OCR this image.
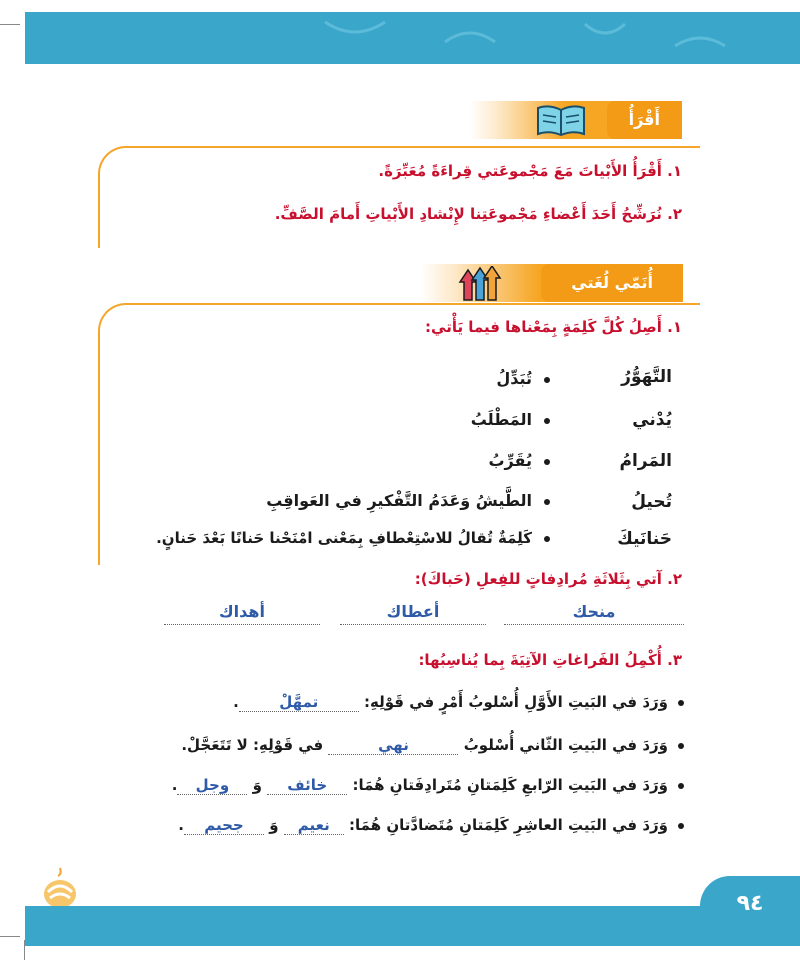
أَقْرَأُ
١. أَقْرَأُ الأَبْياتَ مَعَ مَجْموعَتي قِراءَةً مُعَبِّرَةً.
٢. نُرَشِّحُ أَحَدَ أَعْضاءِ مَجْموعَتِنا لإِنْشادِ الأَبْياتِ أَمامَ الصَّفِّ.
أُنَمّي لُغَتي
١. أَصِلُ كُلَّ كَلِمَةٍ بِمَعْناها فيما يَأْتي:
التَّهَوُّرُ
يُدْني
المَرامُ
تُحيلُ
حَنانَيكَ
تُبَدِّلُ
المَطْلَبُ
يُقَرِّبُ
الطَّيشُ وَعَدَمُ التَّفْكيرِ في العَواقِبِ
كَلِمَةٌ تُقالُ للاسْتِعْطافِ بِمَعْنى امْنَحْنا حَنانًا بَعْدَ حَنانٍ.
٢. آتي بِثَلاثَةِ مُرادِفاتٍ للفِعلِ (حَباكَ):
منحك
أعطاك
أهداك
٣. أُكْمِلُ الفَراغاتِ الآتِيَةَ بِما يُناسِبُها:
وَرَدَ في البَيتِ الأَوَّلِ أُسْلوبُ أَمْرٍ في قَوْلِهِ: تمهَّلْ.
وَرَدَ في البَيتِ الثّاني أُسْلوبُ نهي في قَوْلِهِ: لا تَتَعَجَّلْ.
وَرَدَ في البَيتِ الرّابعِ كَلِمَتانِ مُتَرادِفَتانِ هُمَا: خائف وَ وجل.
وَرَدَ في البَيتِ العاشِرِ كَلِمَتانِ مُتَضادَّتانِ هُمَا: نعيم وَ جحيم.
٩٤
